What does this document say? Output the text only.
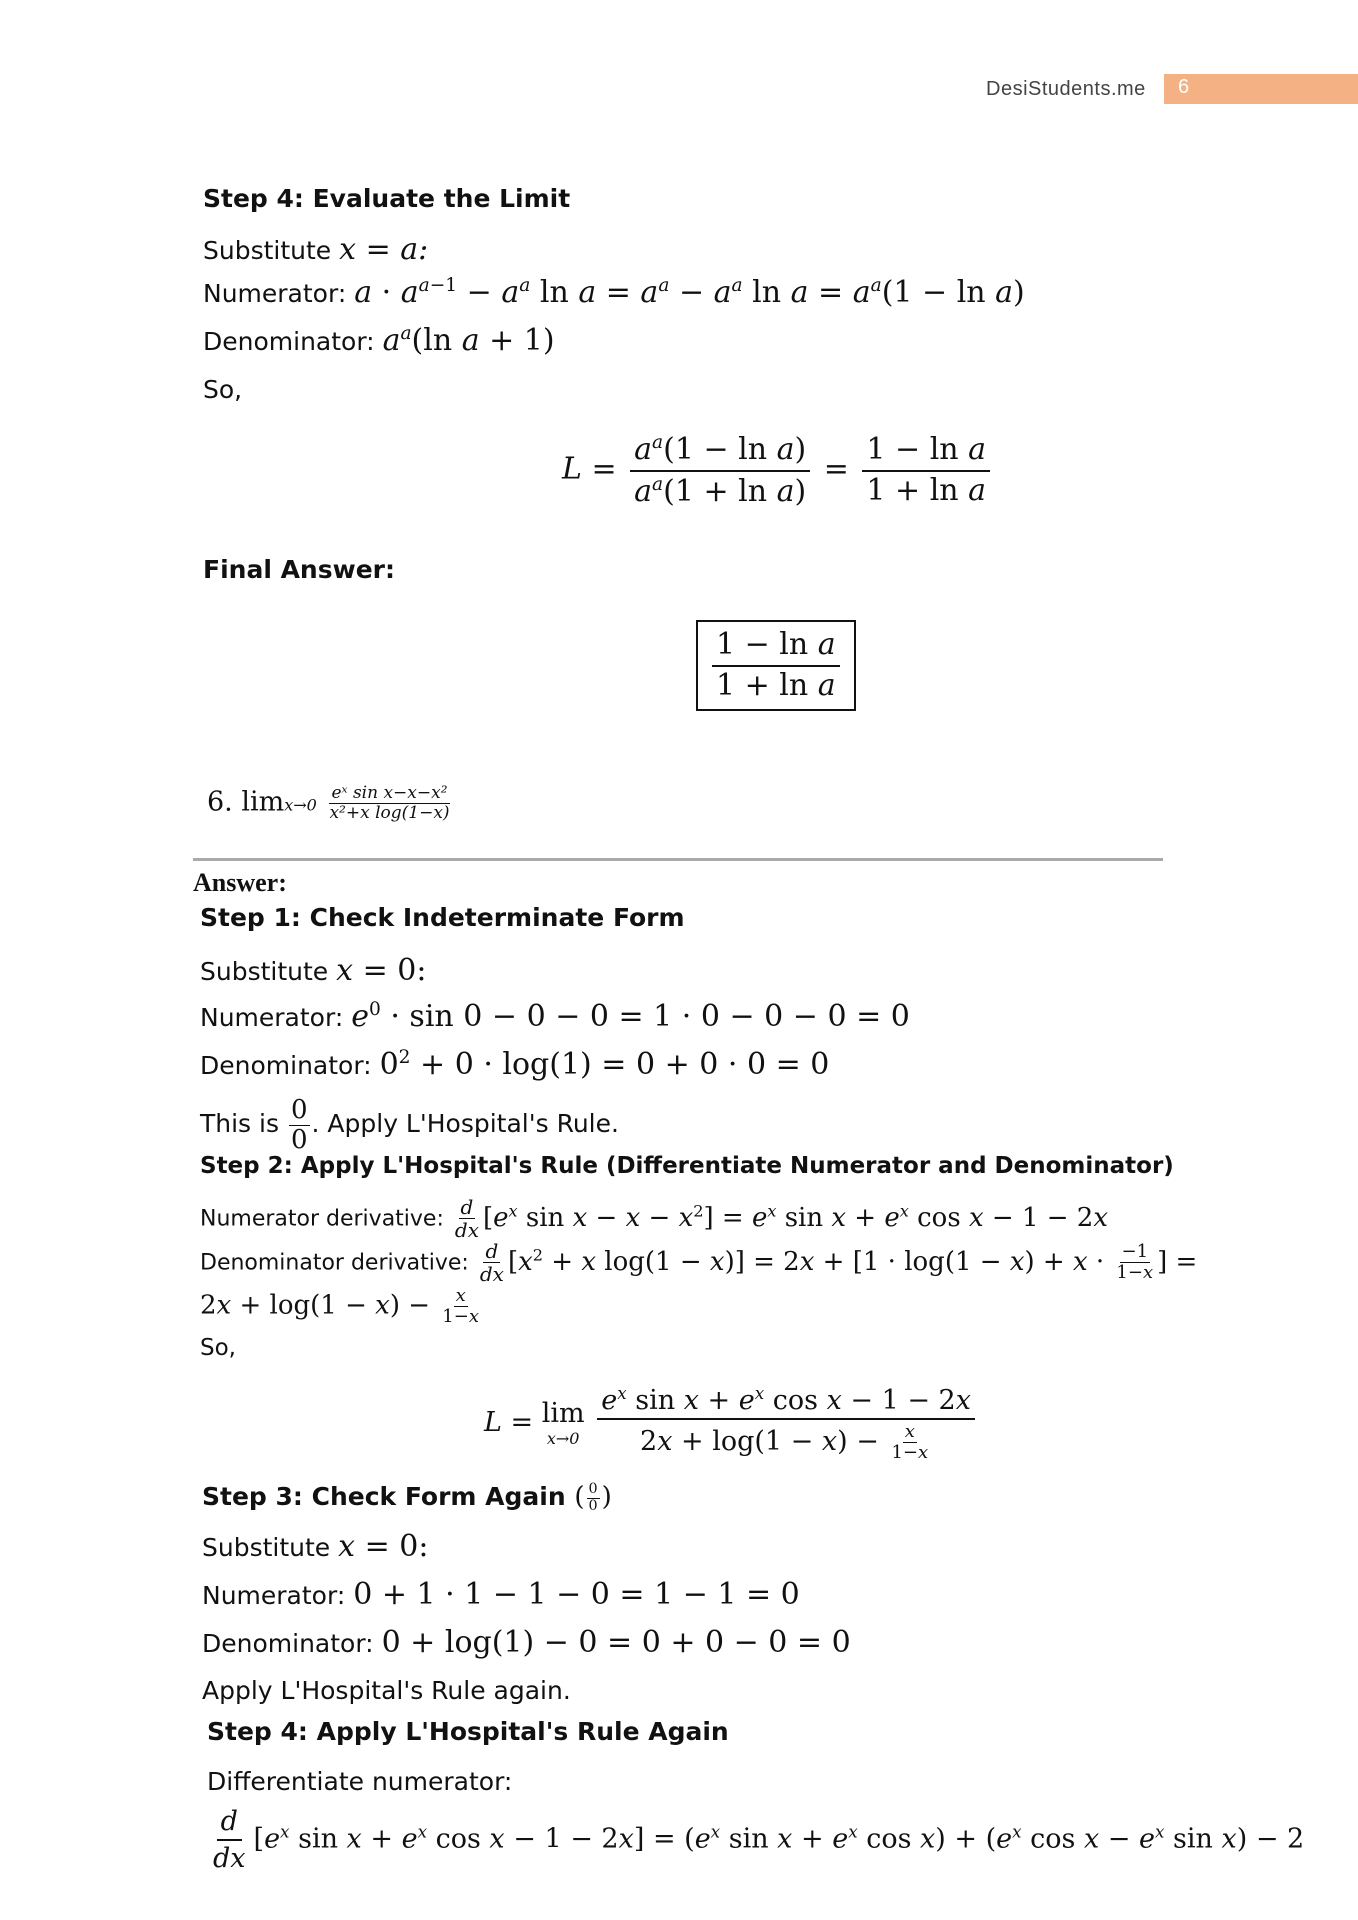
6
DesiStudents.me
Step 4: Evaluate the Limit
Substitute x = a:
Numerator: $a \cdot a^{a-1} - a^a$ $\ln a = a^a - a^a$ $\ln a = a^a(1 - \ln a)$
Denominator: $a^a(\ln$ a + 1)
So,
$L = \frac{a^a(1 - \ln a)}{a^a(1 + \ln a)} = \frac{\text{1 − ln a}}{\text{1 + ln a}}$
Final Answer:
$\frac{\text{1 − ln a}}{\text{1 + ln a}}$
6. $\lim x\to 0 \frac{\text{eˣ sin x−x−x²}}{\text{x²+x log(1−x)}}$
Answer:
Step 1: Check Indeterminate Form
Substitute x = 0:
Numerator: $e^0 \cdot \sin 0 - 0 - 0 = 1 \cdot 0 - 0 - 0 = 0$
Denominator: $0^2 + 0 \cdot \log(1) = 0 + 0 \cdot 0 = 0$
This is $\frac{0}{0}$ . Apply L'Hospital's Rule.
Step 2: Apply L'Hospital's Rule (Differentiate Numerator and Denominator)
Numerator derivative: $\frac{d}{dx} [e^x$ $\sin x - x - x^2] = e^x$ $\sin x + e^x$ cos x − 1 − 2x
Denominator derivative: $\frac{d}{dx} [x^2 + x$ $\log(1 - x)] = 2x + [1 \cdot \log(1 - x) + x \cdot \frac{-1}{1-x}$ ] =
$2x + \log(1 - x) - \frac{x}{1-x}$
So,
L = lim
x→0
$\frac{e^x \sin x + e^x \cos x - 1 - 2x}{2x + \log(1 - x) - \frac{x}{1-x}}$
Step 3: Check Form Again ( $\frac{0}{0}$ )
Substitute x = 0:
Numerator: 0 + 1 · 1 − 1 − 0 = 1 − 1 = 0
Denominator: 0 + log(1) − 0 = 0 + 0 − 0 = 0
Apply L'Hospital's Rule again.
Step 4: Apply L'Hospital's Rule Again
Differentiate numerator:
$\frac{d}{dx} [e^x$ $\sin x + e^x$ $\cos x - 1 - 2x] = (e^x$ $\sin x + e^x$ $\cos x) + (e^x$ $\cos x - e^x$ sin x) − 2
